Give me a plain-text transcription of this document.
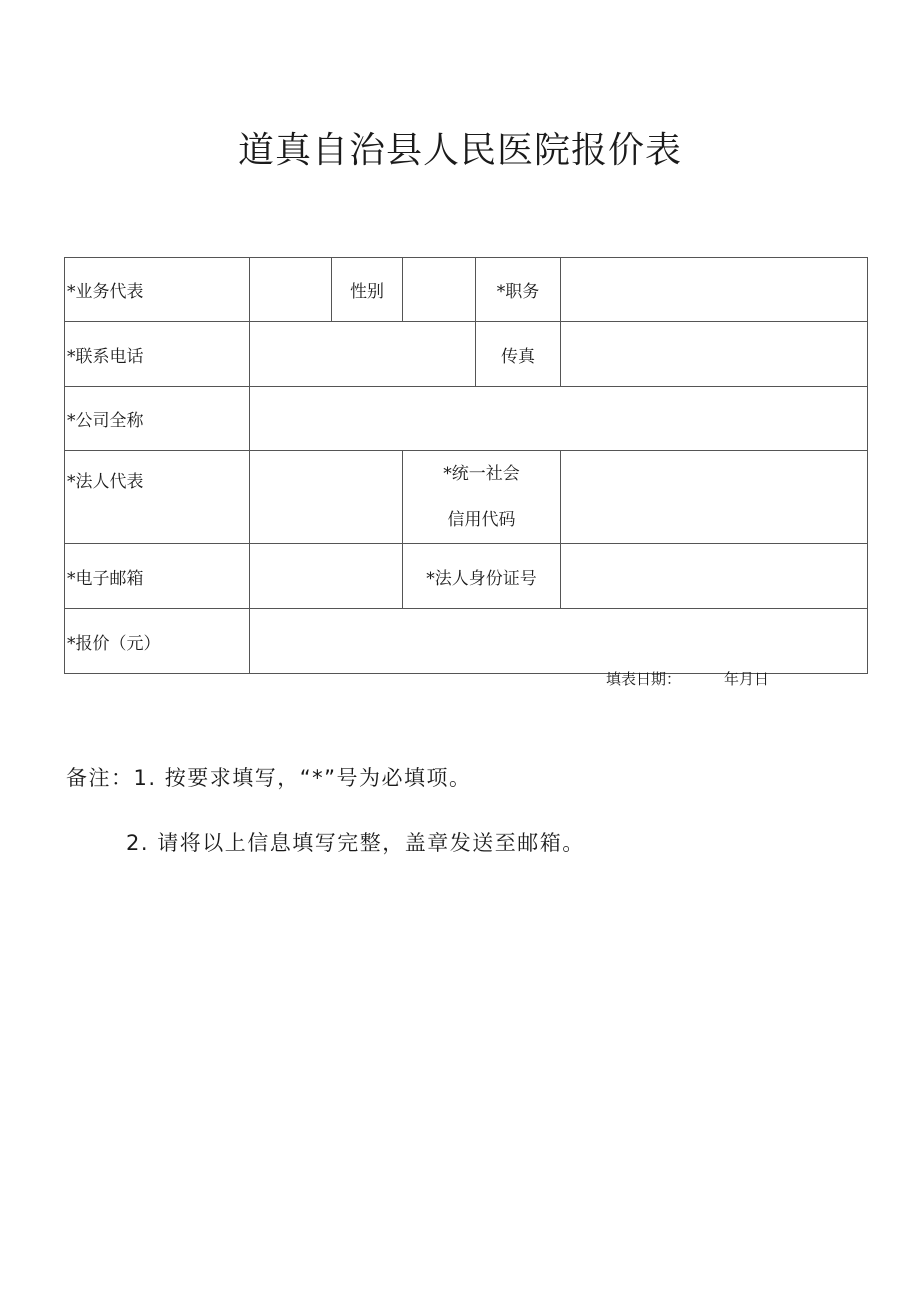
道真自治县人民医院报价表
*业务代表		性别		*职务	
*联系电话				传真	
*公司全称					
*法人代表			*统一社会
信用代码		

*电子邮箱			*法人身份证号		
*报价（元）					
填表日期：	年月日
备注：1. 按要求填写，“*”号为必填项。
2. 请将以上信息填写完整，盖章发送至邮箱。
